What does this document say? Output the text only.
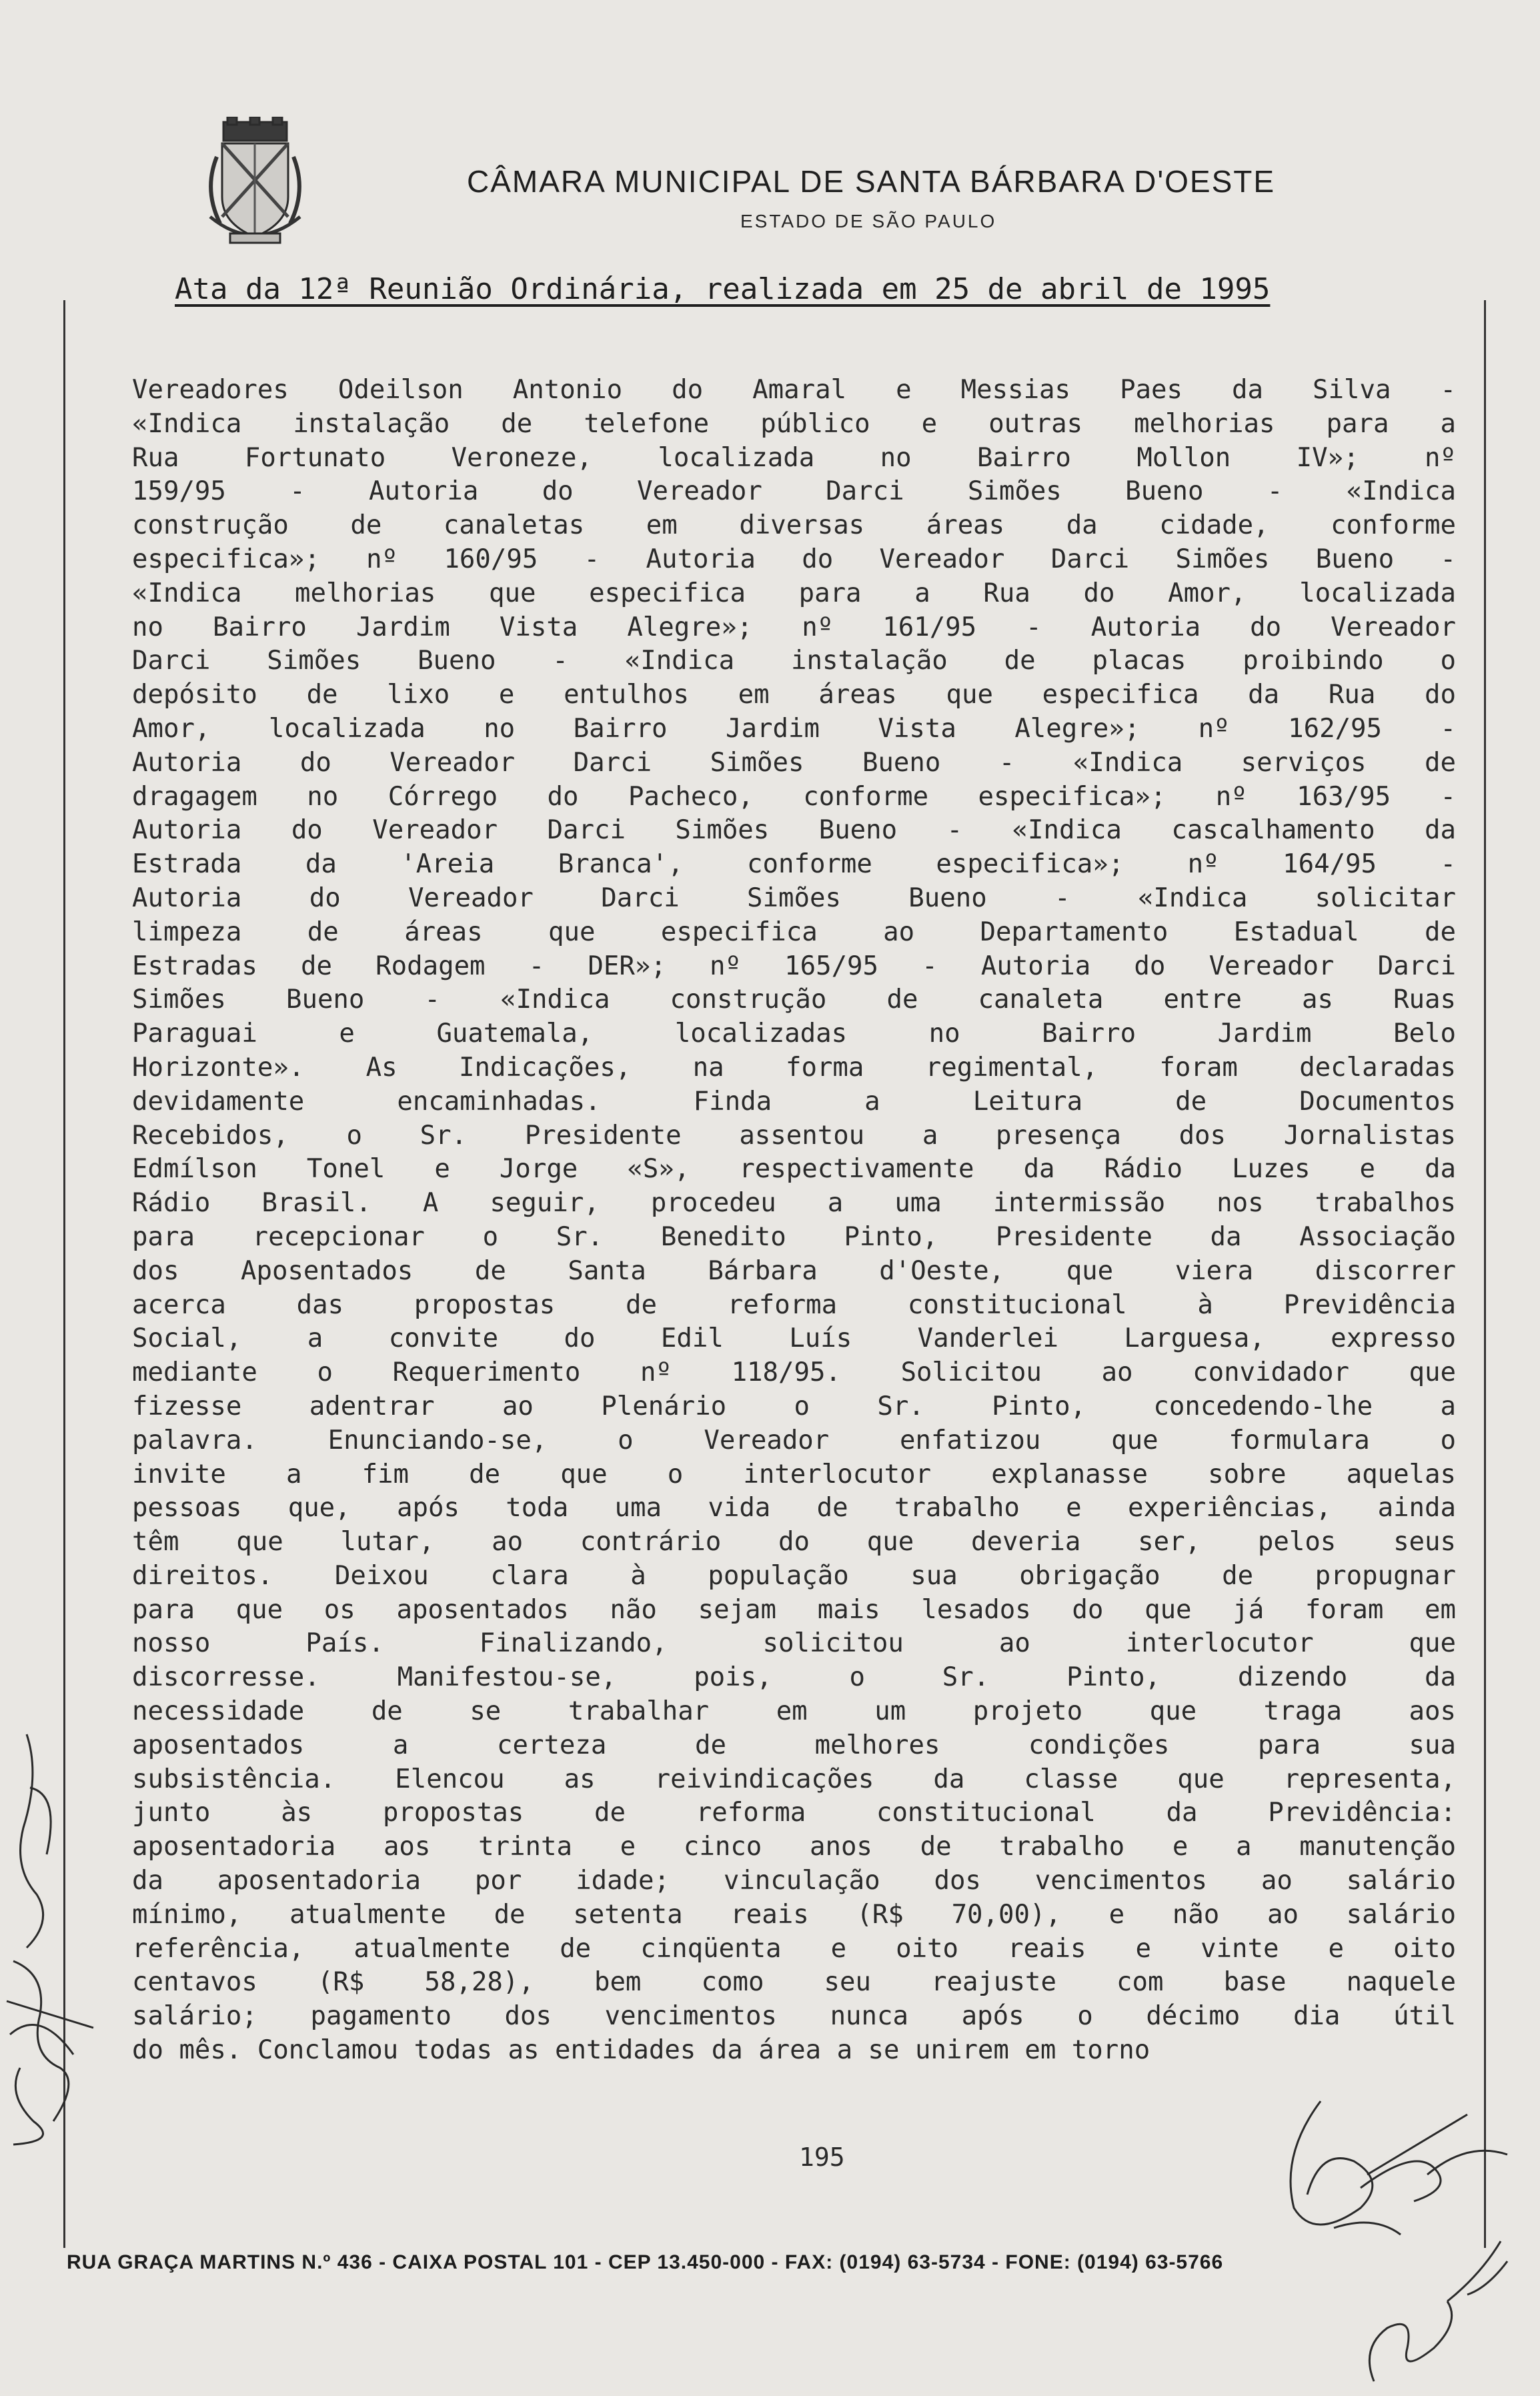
CÂMARA MUNICIPAL DE SANTA BÁRBARA D'OESTE
ESTADO DE SÃO PAULO
Ata da 12ª Reunião Ordinária, realizada em 25 de abril de 1995
Vereadores Odeilson Antonio do Amaral e Messias Paes da Silva -
«Indica instalação de telefone público e outras melhorias para a
Rua Fortunato Veroneze, localizada no Bairro Mollon IV»; nº
159/95 - Autoria do Vereador Darci Simões Bueno - «Indica
construção de canaletas em diversas áreas da cidade, conforme
especifica»; nº 160/95 - Autoria do Vereador Darci Simões Bueno -
«Indica melhorias que especifica para a Rua do Amor, localizada
no Bairro Jardim Vista Alegre»; nº 161/95 - Autoria do Vereador
Darci Simões Bueno - «Indica instalação de placas proibindo o
depósito de lixo e entulhos em áreas que especifica da Rua do
Amor, localizada no Bairro Jardim Vista Alegre»; nº 162/95 -
Autoria do Vereador Darci Simões Bueno - «Indica serviços de
dragagem no Córrego do Pacheco, conforme especifica»; nº 163/95 -
Autoria do Vereador Darci Simões Bueno - «Indica cascalhamento da
Estrada da 'Areia Branca', conforme especifica»; nº 164/95 -
Autoria do Vereador Darci Simões Bueno - «Indica solicitar
limpeza de áreas que especifica ao Departamento Estadual de
Estradas de Rodagem - DER»; nº 165/95 - Autoria do Vereador Darci
Simões Bueno - «Indica construção de canaleta entre as Ruas
Paraguai e Guatemala, localizadas no Bairro Jardim Belo
Horizonte». As Indicações, na forma regimental, foram declaradas
devidamente encaminhadas. Finda a Leitura de Documentos
Recebidos, o Sr. Presidente assentou a presença dos Jornalistas
Edmílson Tonel e Jorge «S», respectivamente da Rádio Luzes e da
Rádio Brasil. A seguir, procedeu a uma intermissão nos trabalhos
para recepcionar o Sr. Benedito Pinto, Presidente da Associação
dos Aposentados de Santa Bárbara d'Oeste, que viera discorrer
acerca das propostas de reforma constitucional à Previdência
Social, a convite do Edil Luís Vanderlei Larguesa, expresso
mediante o Requerimento nº 118/95. Solicitou ao convidador que
fizesse adentrar ao Plenário o Sr. Pinto, concedendo-lhe a
palavra. Enunciando-se, o Vereador enfatizou que formulara o
invite a fim de que o interlocutor explanasse sobre aquelas
pessoas que, após toda uma vida de trabalho e experiências, ainda
têm que lutar, ao contrário do que deveria ser, pelos seus
direitos. Deixou clara à população sua obrigação de propugnar
para que os aposentados não sejam mais lesados do que já foram em
nosso País. Finalizando, solicitou ao interlocutor que
discorresse. Manifestou-se, pois, o Sr. Pinto, dizendo da
necessidade de se trabalhar em um projeto que traga aos
aposentados a certeza de melhores condições para sua
subsistência. Elencou as reivindicações da classe que representa,
junto às propostas de reforma constitucional da Previdência:
aposentadoria aos trinta e cinco anos de trabalho e a manutenção
da aposentadoria por idade; vinculação dos vencimentos ao salário
mínimo, atualmente de setenta reais (R$ 70,00), e não ao salário
referência, atualmente de cinqüenta e oito reais e vinte e oito
centavos (R$ 58,28), bem como seu reajuste com base naquele
salário; pagamento dos vencimentos nunca após o décimo dia útil
do mês. Conclamou todas as entidades da área a se unirem em torno
195
RUA GRAÇA MARTINS N.º 436 - CAIXA POSTAL 101 - CEP 13.450-000 - FAX: (0194) 63-5734 - FONE: (0194) 63-5766
